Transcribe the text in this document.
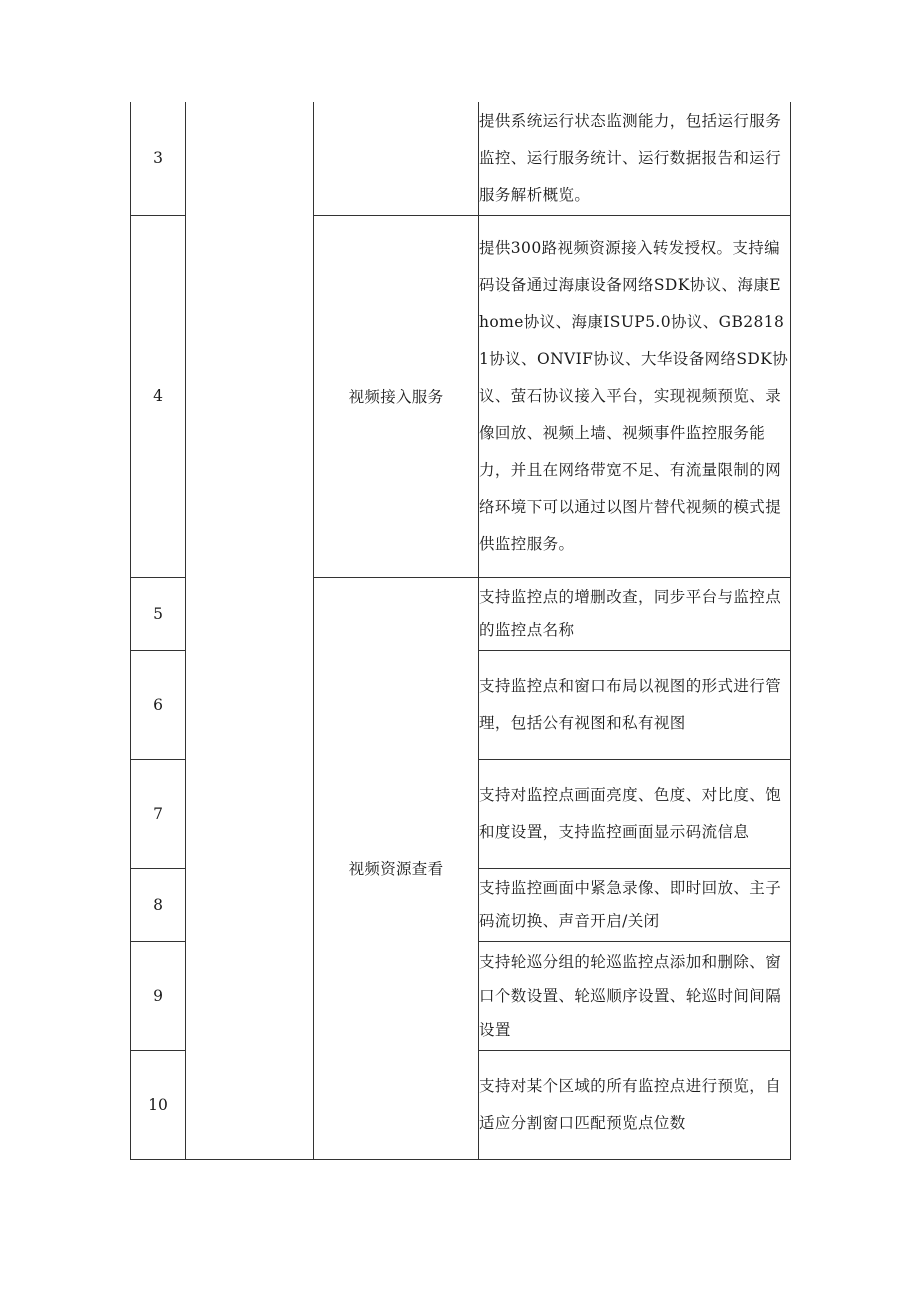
3			提供系统运行状态监测能力，包括运行服务监控、运行服务统计、运行数据报告和运行服务解析概览。
4		视频接入服务	提供300路视频资源接入转发授权。支持编码设备通过海康设备网络SDK协议、海康Ehome协议、海康ISUP5.0协议、GB28181协议、ONVIF协议、大华设备网络SDK协议、萤石协议接入平台，实现视频预览、录像回放、视频上墙、视频事件监控服务能力，并且在网络带宽不足、有流量限制的网络环境下可以通过以图片替代视频的模式提供监控服务。
5		视频资源查看	支持监控点的增删改查，同步平台与监控点的监控点名称
6			支持监控点和窗口布局以视图的形式进行管理，包括公有视图和私有视图
7			支持对监控点画面亮度、色度、对比度、饱和度设置，支持监控画面显示码流信息
8			支持监控画面中紧急录像、即时回放、主子码流切换、声音开启/关闭
9			支持轮巡分组的轮巡监控点添加和删除、窗口个数设置、轮巡顺序设置、轮巡时间间隔设置
10			支持对某个区域的所有监控点进行预览，自适应分割窗口匹配预览点位数
